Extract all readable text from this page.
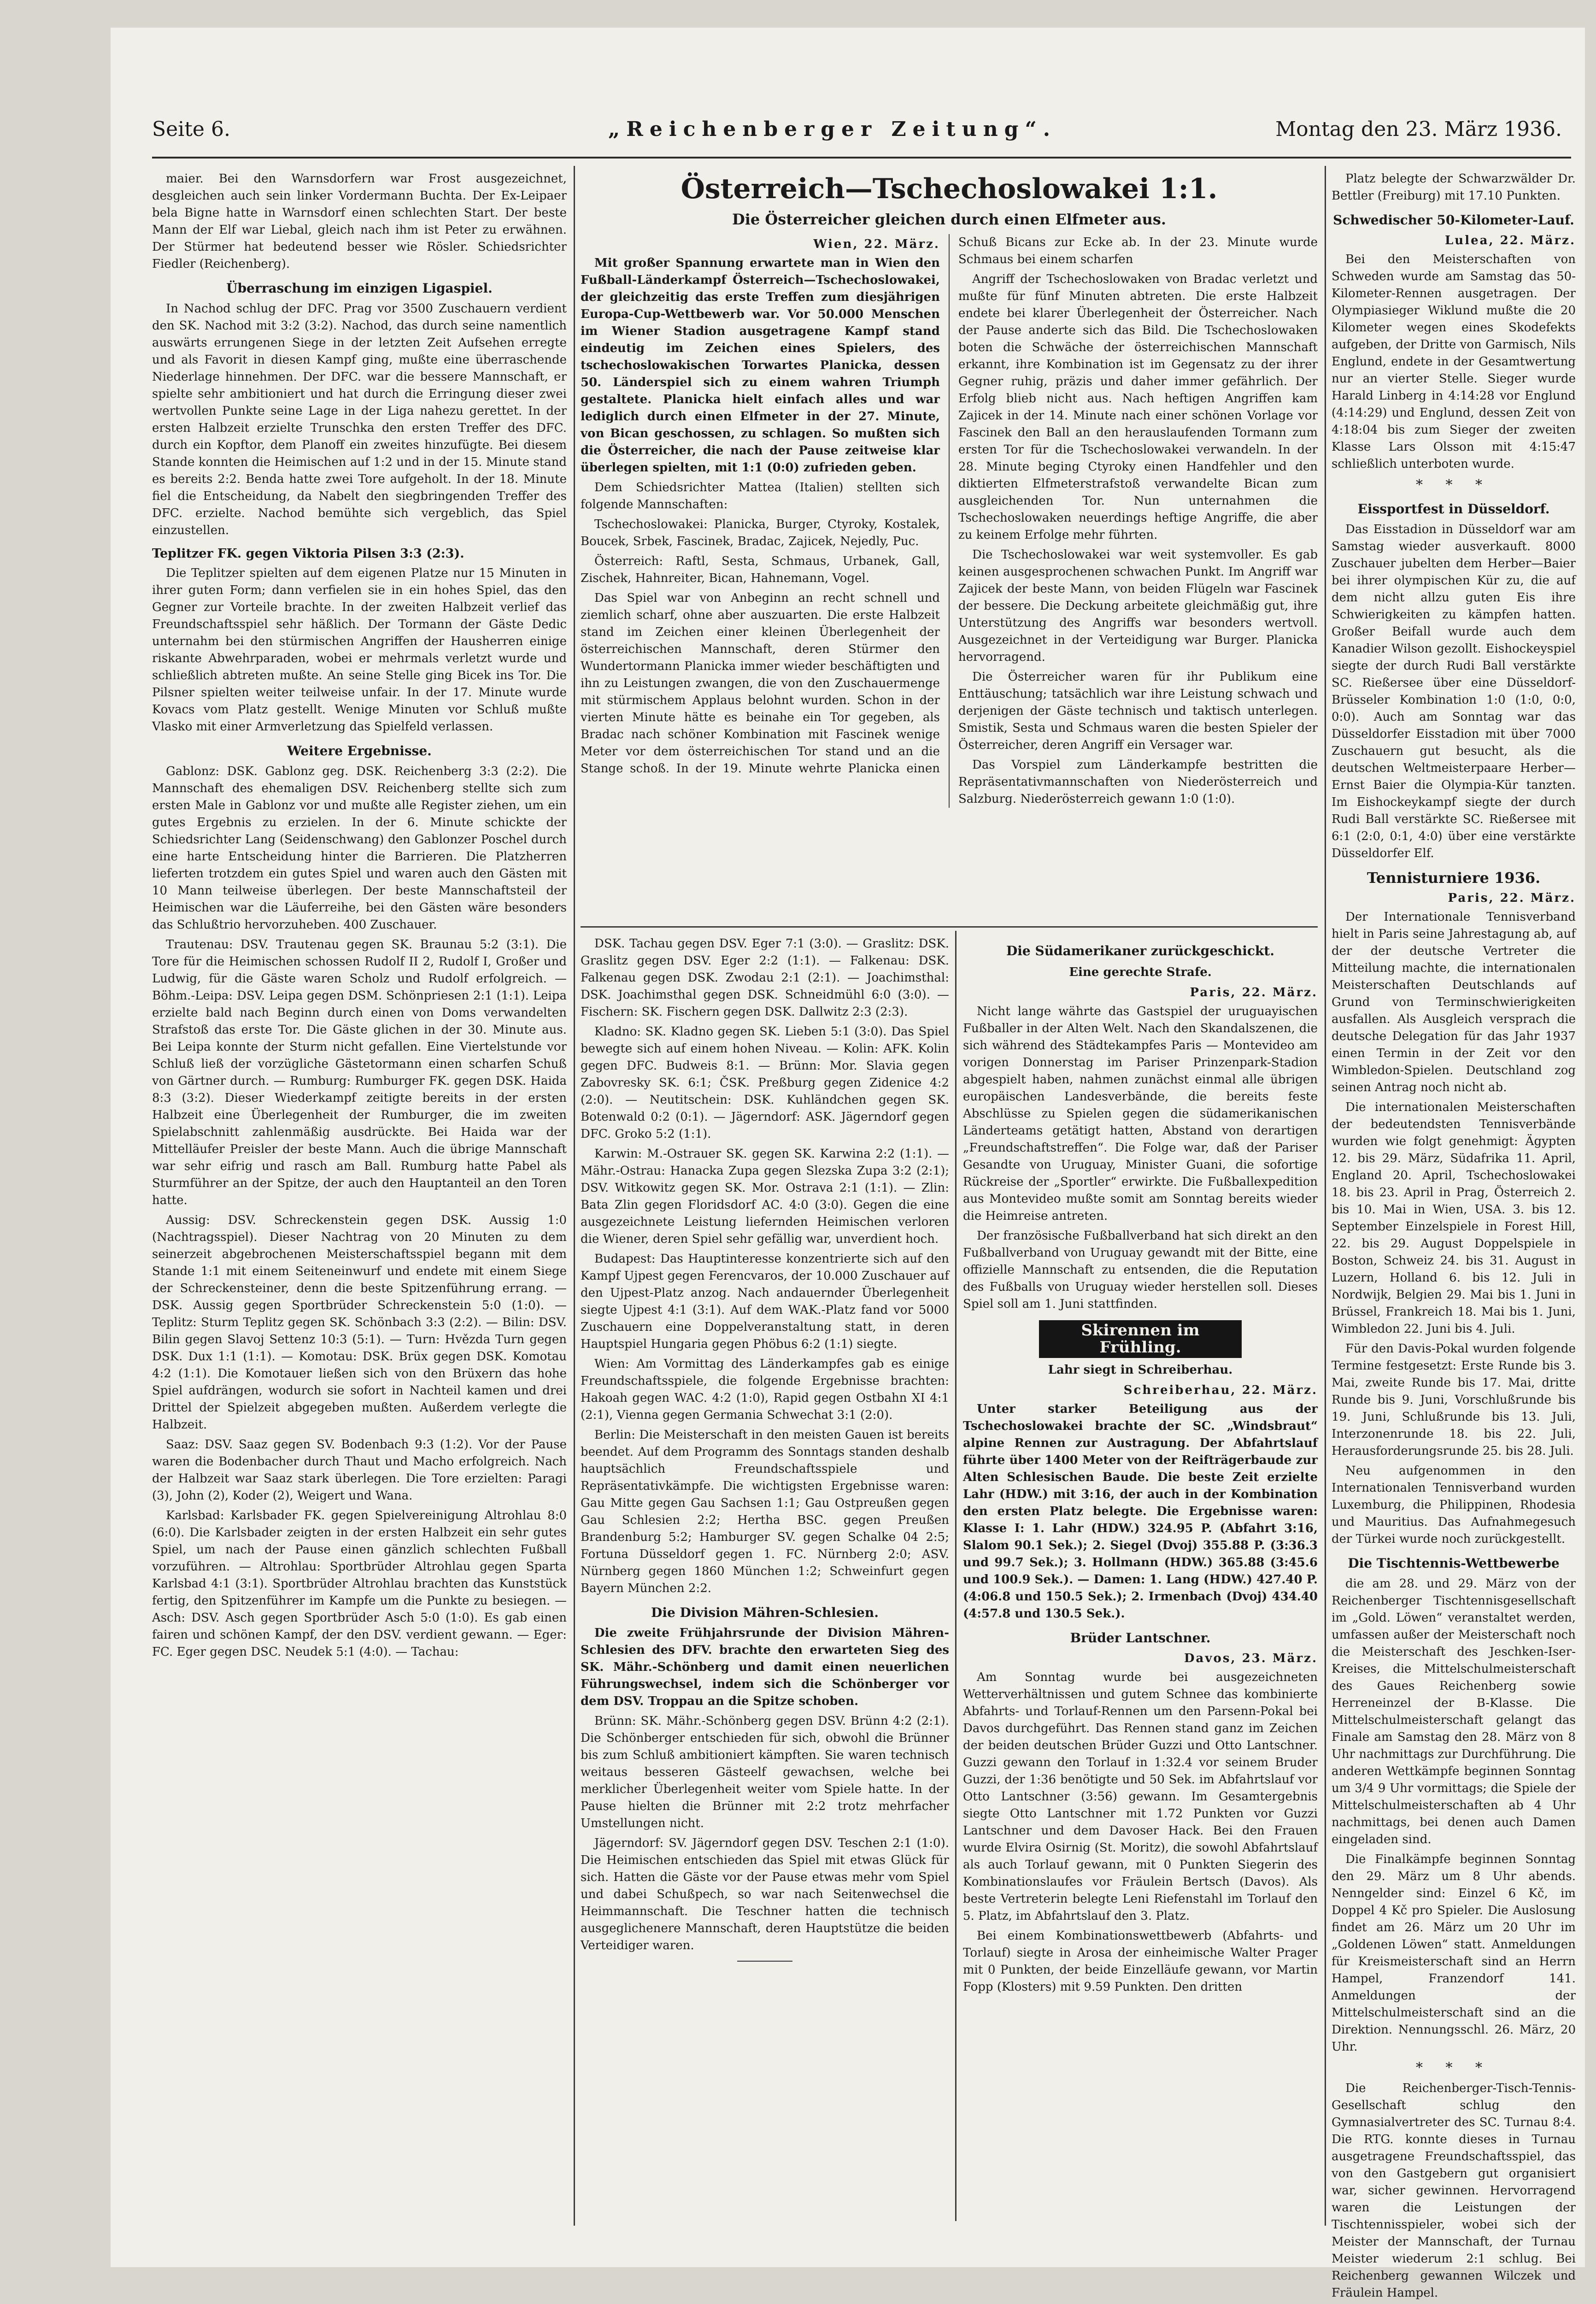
Seite 6.	„Reichenberger Zeitung“.	Montag den 23. März 1936.

maier. Bei den Warnsdorfern war Frost ausgezeichnet, desgleichen auch sein linker Vordermann Buchta. Der Ex-Leipaer bela Bigne hatte in Warnsdorf einen schlechten Start. Der beste Mann der Elf war Liebal, gleich nach ihm ist Peter zu erwähnen. Der Stürmer hat bedeutend besser wie Rösler. Schiedsrichter Fiedler (Reichenberg).

Überraschung im einzigen Ligaspiel.

In Nachod schlug der DFC. Prag vor 3500 Zuschauern verdient den SK. Nachod mit 3:2 (3:2). Nachod, das durch seine namentlich auswärts errungenen Siege in der letzten Zeit Aufsehen erregte und als Favorit in diesen Kampf ging, mußte eine überraschende Niederlage hinnehmen. Der DFC. war die bessere Mannschaft, er spielte sehr ambitioniert und hat durch die Erringung dieser zwei wertvollen Punkte seine Lage in der Liga nahezu gerettet. In der ersten Halbzeit erzielte Trunschka den ersten Treffer des DFC. durch ein Kopftor, dem Planoff ein zweites hinzufügte. Bei diesem Stande konnten die Heimischen auf 1:2 und in der 15. Minute stand es bereits 2:2. Benda hatte zwei Tore aufgeholt. In der 18. Minute fiel die Entscheidung, da Nabelt den siegbringenden Treffer des DFC. erzielte. Nachod bemühte sich vergeblich, das Spiel einzustellen.

Teplitzer FK. gegen Viktoria Pilsen 3:3 (2:3).

Die Teplitzer spielten auf dem eigenen Platze nur 15 Minuten in ihrer guten Form; dann verfielen sie in ein hohes Spiel, das den Gegner zur Vorteile brachte. In der zweiten Halbzeit verlief das Freundschaftsspiel sehr häßlich. Der Tormann der Gäste Dedic unternahm bei den stürmischen Angriffen der Hausherren einige riskante Abwehrparaden, wobei er mehrmals verletzt wurde und schließlich abtreten mußte. An seine Stelle ging Bicek ins Tor. Die Pilsner spielten weiter teilweise unfair. In der 17. Minute wurde Kovacs vom Platz gestellt. Wenige Minuten vor Schluß mußte Vlasko mit einer Armverletzung das Spielfeld verlassen.

Weitere Ergebnisse.

Gablonz: DSK. Gablonz geg. DSK. Reichenberg 3:3 (2:2). Die Mannschaft des ehemaligen DSV. Reichenberg stellte sich zum ersten Male in Gablonz vor und mußte alle Register ziehen, um ein gutes Ergebnis zu erzielen. In der 6. Minute schickte der Schiedsrichter Lang (Seidenschwang) den Gablonzer Poschel durch eine harte Entscheidung hinter die Barrieren. Die Platzherren lieferten trotzdem ein gutes Spiel und waren auch den Gästen mit 10 Mann teilweise überlegen. Der beste Mannschaftsteil der Heimischen war die Läuferreihe, bei den Gästen wäre besonders das Schlußtrio hervorzuheben. 400 Zuschauer.

Trautenau: DSV. Trautenau gegen SK. Braunau 5:2 (3:1). Die Tore für die Heimischen schossen Rudolf II 2, Rudolf I, Großer und Ludwig, für die Gäste waren Scholz und Rudolf erfolgreich. — Böhm.-Leipa: DSV. Leipa gegen DSM. Schönpriesen 2:1 (1:1). Leipa erzielte bald nach Beginn durch einen von Doms verwandelten Strafstoß das erste Tor. Die Gäste glichen in der 30. Minute aus. Bei Leipa konnte der Sturm nicht gefallen. Eine Viertelstunde vor Schluß ließ der vorzügliche Gästetormann einen scharfen Schuß von Gärtner durch. — Rumburg: Rumburger FK. gegen DSK. Haida 8:3 (3:2). Dieser Wiederkampf zeitigte bereits in der ersten Halbzeit eine Überlegenheit der Rumburger, die im zweiten Spielabschnitt zahlenmäßig ausdrückte. Bei Haida war der Mittelläufer Preisler der beste Mann. Auch die übrige Mannschaft war sehr eifrig und rasch am Ball. Rumburg hatte Pabel als Sturmführer an der Spitze, der auch den Hauptanteil an den Toren hatte.

Aussig: DSV. Schreckenstein gegen DSK. Aussig 1:0 (Nachtragsspiel). Dieser Nachtrag von 20 Minuten zu dem seinerzeit abgebrochenen Meisterschaftsspiel begann mit dem Stande 1:1 mit einem Seiteneinwurf und endete mit einem Siege der Schreckensteiner, denn die beste Spitzenführung errang. — DSK. Aussig gegen Sportbrüder Schreckenstein 5:0 (1:0). — Teplitz: Sturm Teplitz gegen SK. Schönbach 3:3 (2:2). — Bilin: DSV. Bilin gegen Slavoj Settenz 10:3 (5:1). — Turn: Hvězda Turn gegen DSK. Dux 1:1 (1:1). — Komotau: DSK. Brüx gegen DSK. Komotau 4:2 (1:1). Die Komotauer ließen sich von den Brüxern das hohe Spiel aufdrängen, wodurch sie sofort in Nachteil kamen und drei Drittel der Spielzeit abgegeben mußten. Außerdem verlegte die Halbzeit.

Saaz: DSV. Saaz gegen SV. Bodenbach 9:3 (1:2). Vor der Pause waren die Bodenbacher durch Thaut und Macho erfolgreich. Nach der Halbzeit war Saaz stark überlegen. Die Tore erzielten: Paragi (3), John (2), Koder (2), Weigert und Wana.

Karlsbad: Karlsbader FK. gegen Spielvereinigung Altrohlau 8:0 (6:0). Die Karlsbader zeigten in der ersten Halbzeit ein sehr gutes Spiel, um nach der Pause einen gänzlich schlechten Fußball vorzuführen. — Altrohlau: Sportbrüder Altrohlau gegen Sparta Karlsbad 4:1 (3:1). Sportbrüder Altrohlau brachten das Kunststück fertig, den Spitzenführer im Kampfe um die Punkte zu besiegen. — Asch: DSV. Asch gegen Sportbrüder Asch 5:0 (1:0). Es gab einen fairen und schönen Kampf, der den DSV. verdient gewann. — Eger: FC. Eger gegen DSC. Neudek 5:1 (4:0). — Tachau:

Österreich—Tschechoslowakei 1:1.
Die Österreicher gleichen durch einen Elfmeter aus.
Wien, 22. März.

Mit großer Spannung erwartete man in Wien den Fußball-Länderkampf Österreich—Tschechoslowakei, der gleichzeitig das erste Treffen zum diesjährigen Europa-Cup-Wettbewerb war. Vor 50.000 Menschen im Wiener Stadion ausgetragene Kampf stand eindeutig im Zeichen eines Spielers, des tschechoslowakischen Torwartes Planicka, dessen 50. Länderspiel sich zu einem wahren Triumph gestaltete. Planicka hielt einfach alles und war lediglich durch einen Elfmeter in der 27. Minute, von Bican geschossen, zu schlagen. So mußten sich die Österreicher, die nach der Pause zeitweise klar überlegen spielten, mit 1:1 (0:0) zufrieden geben.

Dem Schiedsrichter Mattea (Italien) stellten sich folgende Mannschaften:

Tschechoslowakei: Planicka, Burger, Ctyroky, Kostalek, Boucek, Srbek, Fascinek, Bradac, Zajicek, Nejedly, Puc.

Österreich: Raftl, Sesta, Schmaus, Urbanek, Gall, Zischek, Hahnreiter, Bican, Hahnemann, Vogel.

Das Spiel war von Anbeginn an recht schnell und ziemlich scharf, ohne aber auszuarten. Die erste Halbzeit stand im Zeichen einer kleinen Überlegenheit der österreichischen Mannschaft, deren Stürmer den Wundertormann Planicka immer wieder beschäftigten und ihn zu Leistungen zwangen, die von den Zuschauermenge mit stürmischem Applaus belohnt wurden. Schon in der vierten Minute hätte es beinahe ein Tor gegeben, als Bradac nach schöner Kombination mit Fascinek wenige Meter vor dem österreichischen Tor stand und an die Stange schoß. In der 19. Minute wehrte Planicka einen Schuß Bicans zur Ecke ab. In der 23. Minute wurde Schmaus bei einem scharfen

Angriff der Tschechoslowaken von Bradac verletzt und mußte für fünf Minuten abtreten. Die erste Halbzeit endete bei klarer Überlegenheit der Österreicher. Nach der Pause anderte sich das Bild. Die Tschechoslowaken boten die Schwäche der österreichischen Mannschaft erkannt, ihre Kombination ist im Gegensatz zu der ihrer Gegner ruhig, präzis und daher immer gefährlich. Der Erfolg blieb nicht aus. Nach heftigen Angriffen kam Zajicek in der 14. Minute nach einer schönen Vorlage vor Fascinek den Ball an den herauslaufenden Tormann zum ersten Tor für die Tschechoslowakei verwandeln. In der 28. Minute beging Ctyroky einen Handfehler und den diktierten Elfmeterstrafstoß verwandelte Bican zum ausgleichenden Tor. Nun unternahmen die Tschechoslowaken neuerdings heftige Angriffe, die aber zu keinem Erfolge mehr führten.

Die Tschechoslowakei war weit systemvoller. Es gab keinen ausgesprochenen schwachen Punkt. Im Angriff war Zajicek der beste Mann, von beiden Flügeln war Fascinek der bessere. Die Deckung arbeitete gleichmäßig gut, ihre Unterstützung des Angriffs war besonders wertvoll. Ausgezeichnet in der Verteidigung war Burger. Planicka hervorragend.

Die Österreicher waren für ihr Publikum eine Enttäuschung; tatsächlich war ihre Leistung schwach und derjenigen der Gäste technisch und taktisch unterlegen. Smistik, Sesta und Schmaus waren die besten Spieler der Österreicher, deren Angriff ein Versager war.

Das Vorspiel zum Länderkampfe bestritten die Repräsentativmannschaften von Niederösterreich und Salzburg. Niederösterreich gewann 1:0 (1:0).

DSK. Tachau gegen DSV. Eger 7:1 (3:0). — Graslitz: DSK. Graslitz gegen DSV. Eger 2:2 (1:1). — Falkenau: DSK. Falkenau gegen DSK. Zwodau 2:1 (2:1). — Joachimsthal: DSK. Joachimsthal gegen DSK. Schneidmühl 6:0 (3:0). — Fischern: SK. Fischern gegen DSK. Dallwitz 2:3 (2:3).

Kladno: SK. Kladno gegen SK. Lieben 5:1 (3:0). Das Spiel bewegte sich auf einem hohen Niveau. — Kolin: AFK. Kolin gegen DFC. Budweis 8:1. — Brünn: Mor. Slavia gegen Zabovresky SK. 6:1; ČSK. Preßburg gegen Zidenice 4:2 (2:0). — Neutitschein: DSK. Kuhländchen gegen SK. Botenwald 0:2 (0:1). — Jägerndorf: ASK. Jägerndorf gegen DFC. Groko 5:2 (1:1).

Karwin: M.-Ostrauer SK. gegen SK. Karwina 2:2 (1:1). — Mähr.-Ostrau: Hanacka Zupa gegen Slezska Zupa 3:2 (2:1); DSV. Witkowitz gegen SK. Mor. Ostrava 2:1 (1:1). — Zlin: Bata Zlin gegen Floridsdorf AC. 4:0 (3:0). Gegen die eine ausgezeichnete Leistung liefernden Heimischen verloren die Wiener, deren Spiel sehr gefällig war, unverdient hoch.

Budapest: Das Hauptinteresse konzentrierte sich auf den Kampf Ujpest gegen Ferencvaros, der 10.000 Zuschauer auf den Ujpest-Platz anzog. Nach andauernder Überlegenheit siegte Ujpest 4:1 (3:1). Auf dem WAK.-Platz fand vor 5000 Zuschauern eine Doppelveranstaltung statt, in deren Hauptspiel Hungaria gegen Phöbus 6:2 (1:1) siegte.

Wien: Am Vormittag des Länderkampfes gab es einige Freundschaftsspiele, die folgende Ergebnisse brachten: Hakoah gegen WAC. 4:2 (1:0), Rapid gegen Ostbahn XI 4:1 (2:1), Vienna gegen Germania Schwechat 3:1 (2:0).

Berlin: Die Meisterschaft in den meisten Gauen ist bereits beendet. Auf dem Programm des Sonntags standen deshalb hauptsächlich Freundschaftsspiele und Repräsentativkämpfe. Die wichtigsten Ergebnisse waren: Gau Mitte gegen Gau Sachsen 1:1; Gau Ostpreußen gegen Gau Schlesien 2:2; Hertha BSC. gegen Preußen Brandenburg 5:2; Hamburger SV. gegen Schalke 04 2:5; Fortuna Düsseldorf gegen 1. FC. Nürnberg 2:0; ASV. Nürnberg gegen 1860 München 1:2; Schweinfurt gegen Bayern München 2:2.

Die Division Mähren-Schlesien.

Die zweite Frühjahrsrunde der Division Mähren-Schlesien des DFV. brachte den erwarteten Sieg des SK. Mähr.-Schönberg und damit einen neuerlichen Führungswechsel, indem sich die Schönberger vor dem DSV. Troppau an die Spitze schoben.

Brünn: SK. Mähr.-Schönberg gegen DSV. Brünn 4:2 (2:1). Die Schönberger entschieden für sich, obwohl die Brünner bis zum Schluß ambitioniert kämpften. Sie waren technisch weitaus besseren Gästeelf gewachsen, welche bei merklicher Überlegenheit weiter vom Spiele hatte. In der Pause hielten die Brünner mit 2:2 trotz mehrfacher Umstellungen nicht.

Jägerndorf: SV. Jägerndorf gegen DSV. Teschen 2:1 (1:0). Die Heimischen entschieden das Spiel mit etwas Glück für sich. Hatten die Gäste vor der Pause etwas mehr vom Spiel und dabei Schußpech, so war nach Seitenwechsel die Heimmannschaft. Die Teschner hatten die technisch ausgeglichenere Mannschaft, deren Hauptstütze die beiden Verteidiger waren.

Die Südamerikaner zurückgeschickt.
Eine gerechte Strafe.
Paris, 22. März.

Nicht lange währte das Gastspiel der uruguayischen Fußballer in der Alten Welt. Nach den Skandalszenen, die sich während des Städtekampfes Paris — Montevideo am vorigen Donnerstag im Pariser Prinzenpark-Stadion abgespielt haben, nahmen zunächst einmal alle übrigen europäischen Landesverbände, die bereits feste Abschlüsse zu Spielen gegen die südamerikanischen Länderteams getätigt hatten, Abstand von derartigen „Freundschaftstreffen“. Die Folge war, daß der Pariser Gesandte von Uruguay, Minister Guani, die sofortige Rückreise der „Sportler“ erwirkte. Die Fußballexpedition aus Montevideo mußte somit am Sonntag bereits wieder die Heimreise antreten.

Der französische Fußballverband hat sich direkt an den Fußballverband von Uruguay gewandt mit der Bitte, eine offizielle Mannschaft zu entsenden, die die Reputation des Fußballs von Uruguay wieder herstellen soll. Dieses Spiel soll am 1. Juni stattfinden.

Skirennen im Frühling.
Lahr siegt in Schreiberhau.
Schreiberhau, 22. März.

Unter starker Beteiligung aus der Tschechoslowakei brachte der SC. „Windsbraut“ alpine Rennen zur Austragung. Der Abfahrtslauf führte über 1400 Meter von der Reifträgerbaude zur Alten Schlesischen Baude. Die beste Zeit erzielte Lahr (HDW.) mit 3:16, der auch in der Kombination den ersten Platz belegte. Die Ergebnisse waren: Klasse I: 1. Lahr (HDW.) 324.95 P. (Abfahrt 3:16, Slalom 90.1 Sek.); 2. Siegel (Dvoj) 355.88 P. (3:36.3 und 99.7 Sek.); 3. Hollmann (HDW.) 365.88 (3:45.6 und 100.9 Sek.). — Damen: 1. Lang (HDW.) 427.40 P. (4:06.8 und 150.5 Sek.); 2. Irmenbach (Dvoj) 434.40 (4:57.8 und 130.5 Sek.).

Brüder Lantschner.
Davos, 23. März.

Am Sonntag wurde bei ausgezeichneten Wetterverhältnissen und gutem Schnee das kombinierte Abfahrts- und Torlauf-Rennen um den Parsenn-Pokal bei Davos durchgeführt. Das Rennen stand ganz im Zeichen der beiden deutschen Brüder Guzzi und Otto Lantschner. Guzzi gewann den Torlauf in 1:32.4 vor seinem Bruder Guzzi, der 1:36 benötigte und 50 Sek. im Abfahrtslauf vor Otto Lantschner (3:56) gewann. Im Gesamtergebnis siegte Otto Lantschner mit 1.72 Punkten vor Guzzi Lantschner und dem Davoser Hack. Bei den Frauen wurde Elvira Osirnig (St. Moritz), die sowohl Abfahrtslauf als auch Torlauf gewann, mit 0 Punkten Siegerin des Kombinationslaufes vor Fräulein Bertsch (Davos). Als beste Vertreterin belegte Leni Riefenstahl im Torlauf den 5. Platz, im Abfahrtslauf den 3. Platz.

Bei einem Kombinationswettbewerb (Abfahrts- und Torlauf) siegte in Arosa der einheimische Walter Prager mit 0 Punkten, der beide Einzelläufe gewann, vor Martin Fopp (Klosters) mit 9.59 Punkten. Den dritten

Platz belegte der Schwarzwälder Dr. Bettler (Freiburg) mit 17.10 Punkten.

Schwedischer 50-Kilometer-Lauf.
Lulea, 22. März.

Bei den Meisterschaften von Schweden wurde am Samstag das 50-Kilometer-Rennen ausgetragen. Der Olympiasieger Wiklund mußte die 20 Kilometer wegen eines Skodefekts aufgeben, der Dritte von Garmisch, Nils Englund, endete in der Gesamtwertung nur an vierter Stelle. Sieger wurde Harald Linberg in 4:14:28 vor Englund (4:14:29) und Englund, dessen Zeit von 4:18:04 bis zum Sieger der zweiten Klasse Lars Olsson mit 4:15:47 schließlich unterboten wurde.

* * *
Eissportfest in Düsseldorf.

Das Eisstadion in Düsseldorf war am Samstag wieder ausverkauft. 8000 Zuschauer jubelten dem Herber—Baier bei ihrer olympischen Kür zu, die auf dem nicht allzu guten Eis ihre Schwierigkeiten zu kämpfen hatten. Großer Beifall wurde auch dem Kanadier Wilson gezollt. Eishockeyspiel siegte der durch Rudi Ball verstärkte SC. Rießersee über eine Düsseldorf-Brüsseler Kombination 1:0 (1:0, 0:0, 0:0). Auch am Sonntag war das Düsseldorfer Eisstadion mit über 7000 Zuschauern gut besucht, als die deutschen Weltmeisterpaare Herber—Ernst Baier die Olympia-Kür tanzten. Im Eishockeykampf siegte der durch Rudi Ball verstärkte SC. Rießersee mit 6:1 (2:0, 0:1, 4:0) über eine verstärkte Düsseldorfer Elf.

Tennisturniere 1936.
Paris, 22. März.

Der Internationale Tennisverband hielt in Paris seine Jahrestagung ab, auf der der deutsche Vertreter die Mitteilung machte, die internationalen Meisterschaften Deutschlands auf Grund von Terminschwierigkeiten ausfallen. Als Ausgleich versprach die deutsche Delegation für das Jahr 1937 einen Termin in der Zeit vor den Wimbledon-Spielen. Deutschland zog seinen Antrag noch nicht ab.

Die internationalen Meisterschaften der bedeutendsten Tennisverbände wurden wie folgt genehmigt: Ägypten 12. bis 29. März, Südafrika 11. April, England 20. April, Tschechoslowakei 18. bis 23. April in Prag, Österreich 2. bis 10. Mai in Wien, USA. 3. bis 12. September Einzelspiele in Forest Hill, 22. bis 29. August Doppelspiele in Boston, Schweiz 24. bis 31. August in Luzern, Holland 6. bis 12. Juli in Nordwijk, Belgien 29. Mai bis 1. Juni in Brüssel, Frankreich 18. Mai bis 1. Juni, Wimbledon 22. Juni bis 4. Juli.

Für den Davis-Pokal wurden folgende Termine festgesetzt: Erste Runde bis 3. Mai, zweite Runde bis 17. Mai, dritte Runde bis 9. Juni, Vorschlußrunde bis 19. Juni, Schlußrunde bis 13. Juli, Interzonenrunde 18. bis 22. Juli, Herausforderungsrunde 25. bis 28. Juli.

Neu aufgenommen in den Internationalen Tennisverband wurden Luxemburg, die Philippinen, Rhodesia und Mauritius. Das Aufnahmegesuch der Türkei wurde noch zurückgestellt.

Die Tischtennis-Wettbewerbe

die am 28. und 29. März von der Reichenberger Tischtennisgesellschaft im „Gold. Löwen“ veranstaltet werden, umfassen außer der Meisterschaft noch die Meisterschaft des Jeschken-Iser-Kreises, die Mittelschulmeisterschaft des Gaues Reichenberg sowie Herreneinzel der B-Klasse. Die Mittelschulmeisterschaft gelangt das Finale am Samstag den 28. März von 8 Uhr nachmittags zur Durchführung. Die anderen Wettkämpfe beginnen Sonntag um 3/4 9 Uhr vormittags; die Spiele der Mittelschulmeisterschaften ab 4 Uhr nachmittags, bei denen auch Damen eingeladen sind.

Die Finalkämpfe beginnen Sonntag den 29. März um 8 Uhr abends. Nenngelder sind: Einzel 6 Kč, im Doppel 4 Kč pro Spieler. Die Auslosung findet am 26. März um 20 Uhr im „Goldenen Löwen“ statt. Anmeldungen für Kreismeisterschaft sind an Herrn Hampel, Franzendorf 141. Anmeldungen der Mittelschulmeisterschaft sind an die Direktion. Nennungsschl. 26. März, 20 Uhr.

* * *

Die Reichenberger-Tisch-Tennis-Gesellschaft schlug den Gymnasialvertreter des SC. Turnau 8:4. Die RTG. konnte dieses in Turnau ausgetragene Freundschaftsspiel, das von den Gastgebern gut organisiert war, sicher gewinnen. Hervorragend waren die Leistungen der Tischtennisspieler, wobei sich der Meister der Mannschaft, der Turnau Meister wiederum 2:1 schlug. Bei Reichenberg gewannen Wilczek und Fräulein Hampel.
